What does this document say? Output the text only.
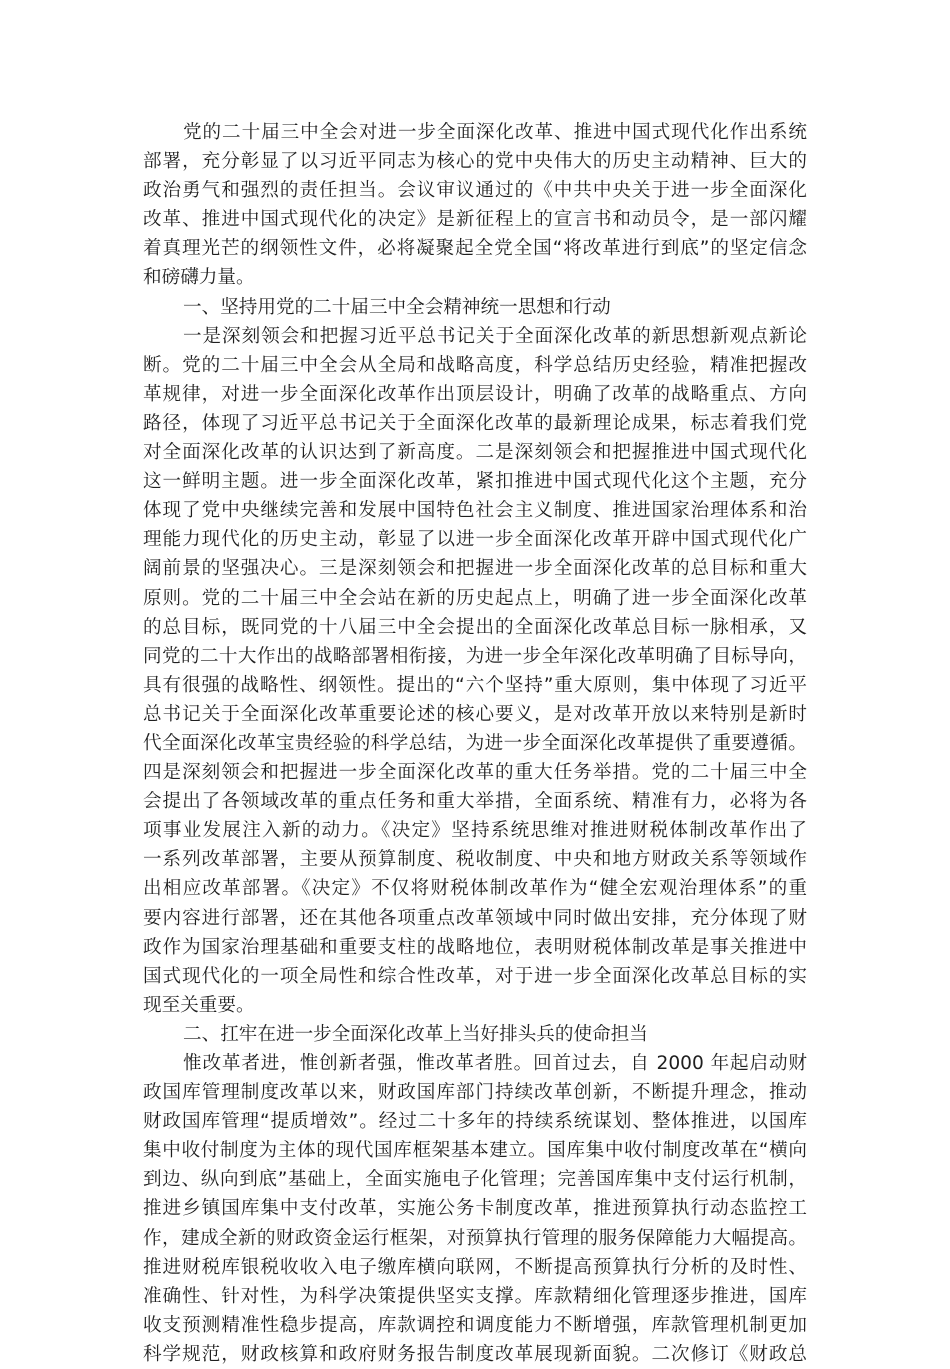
党的二十届三中全会对进一步全面深化改革、推进中国式现代化作出系统
部署，充分彰显了以习近平同志为核心的党中央伟大的历史主动精神、巨大的
政治勇气和强烈的责任担当。会议审议通过的《中共中央关于进一步全面深化
改革、推进中国式现代化的决定》是新征程上的宣言书和动员令，是一部闪耀
着真理光芒的纲领性文件，必将凝聚起全党全国“将改革进行到底”的坚定信念
和磅礴力量。
一、坚持用党的二十届三中全会精神统一思想和行动
一是深刻领会和把握习近平总书记关于全面深化改革的新思想新观点新论
断。党的二十届三中全会从全局和战略高度，科学总结历史经验，精准把握改
革规律，对进一步全面深化改革作出顶层设计，明确了改革的战略重点、方向
路径，体现了习近平总书记关于全面深化改革的最新理论成果，标志着我们党
对全面深化改革的认识达到了新高度。二是深刻领会和把握推进中国式现代化
这一鲜明主题。进一步全面深化改革，紧扣推进中国式现代化这个主题，充分
体现了党中央继续完善和发展中国特色社会主义制度、推进国家治理体系和治
理能力现代化的历史主动，彰显了以进一步全面深化改革开辟中国式现代化广
阔前景的坚强决心。三是深刻领会和把握进一步全面深化改革的总目标和重大
原则。党的二十届三中全会站在新的历史起点上，明确了进一步全面深化改革
的总目标，既同党的十八届三中全会提出的全面深化改革总目标一脉相承，又
同党的二十大作出的战略部署相衔接，为进一步全年深化改革明确了目标导向，
具有很强的战略性、纲领性。提出的“六个坚持”重大原则，集中体现了习近平
总书记关于全面深化改革重要论述的核心要义，是对改革开放以来特别是新时
代全面深化改革宝贵经验的科学总结，为进一步全面深化改革提供了重要遵循。
四是深刻领会和把握进一步全面深化改革的重大任务举措。党的二十届三中全
会提出了各领域改革的重点任务和重大举措，全面系统、精准有力，必将为各
项事业发展注入新的动力。《决定》坚持系统思维对推进财税体制改革作出了
一系列改革部署，主要从预算制度、税收制度、中央和地方财政关系等领域作
出相应改革部署。《决定》不仅将财税体制改革作为“健全宏观治理体系”的重
要内容进行部署，还在其他各项重点改革领域中同时做出安排，充分体现了财
政作为国家治理基础和重要支柱的战略地位，表明财税体制改革是事关推进中
国式现代化的一项全局性和综合性改革，对于进一步全面深化改革总目标的实
现至关重要。
二、扛牢在进一步全面深化改革上当好排头兵的使命担当
惟改革者进，惟创新者强，惟改革者胜。回首过去，自 2000 年起启动财
政国库管理制度改革以来，财政国库部门持续改革创新，不断提升理念，推动
财政国库管理“提质增效”。经过二十多年的持续系统谋划、整体推进，以国库
集中收付制度为主体的现代国库框架基本建立。国库集中收付制度改革在“横向
到边、纵向到底”基础上，全面实施电子化管理；完善国库集中支付运行机制，
推进乡镇国库集中支付改革，实施公务卡制度改革，推进预算执行动态监控工
作，建成全新的财政资金运行框架，对预算执行管理的服务保障能力大幅提高。
推进财税库银税收收入电子缴库横向联网，不断提高预算执行分析的及时性、
准确性、针对性，为科学决策提供坚实支撑。库款精细化管理逐步推进，国库
收支预测精准性稳步提高，库款调控和调度能力不断增强，库款管理机制更加
科学规范，财政核算和政府财务报告制度改革展现新面貌。二次修订《财政总
